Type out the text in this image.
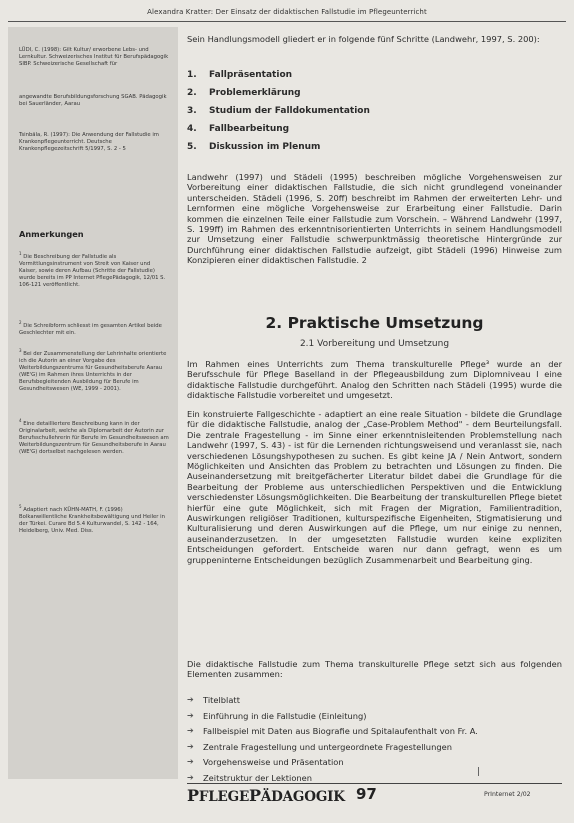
Alexandra Kratter: Der Einsatz der didaktischen Fallstudie im Pflegeunterricht
LÜDI, C. (1998): Gilt Kultur/ erworbene Lebs- und Lernkultur. Schweizerisches Institut für Berufspädagogik SIBP. Schweizerische Gesellschaft für
angewandte Berufsbildungsforschung SGAB. Pädagogik bei Sauerländer, Aarau
Tsinbäla, R. (1997): Die Anwendung der Fallstudie im Krankenpflegeunterricht. Deutsche Krankenpflegezeitschrift 5/1997, S. 2 - 5
Anmerkungen
$^1$ Die Beschreibung der Fallstudie als Vermittlungsinstrument von Streit von Kaiser und Kaiser, sowie deren Aufbau (Schritte der Fallstudie) wurde bereits im PP Internet PflegePädagogik, 12/01 S. 106-121 veröffentlicht.
$^2$ Die Schreibform schliesst im gesamten Artikel beide Geschlechter mit ein.
$^3$ Bei der Zusammenstellung der Lehrinhalte orientierte ich die Autorin an einer Vorgabe des Weiterbildungszentrums für Gesundheitsberufe Aarau (WE'G) im Rahmen ihres Unterrichts in der Berufsbegleitenden Ausbildung für Berufe im Gesundheitswesen (WE, 1999 - 2001).
$^4$ Eine detailliertere Beschreibung kann in der Originalarbeit, welche als Diplomarbeit der Autorin zur Berufsschullehrerin für Berufe im Gesundheitswesen am Weiterbildungszentrum für Gesundheitsberufe in Aarau (WE'G) dortselbst nachgelesen werden.
$^5$ Adaptiert nach KÜHN-MATH, F. (1996) Bolkanwillentliche Krankheitsbewältigung und Heiler in der Türkei. Curare Bd 5.4 Kulturwandel, S. 142 - 164, Heidelberg, Univ. Med. Diss.
Sein Handlungsmodell gliedert er in folgende fünf Schritte (Landwehr, 1997, S. 200):
1. Fallpräsentation
2. Problemerklärung
3. Studium der Falldokumentation
4. Fallbearbeitung
5. Diskussion im Plenum
Landwehr (1997) und Städeli (1995) beschreiben mögliche Vorgehensweisen zur Vorbereitung einer didaktischen Fallstudie, die sich nicht grundlegend voneinander unterscheiden. Städeli (1996, S. 20ff) beschreibt im Rahmen der erweiterten Lehr- und Lernformen eine mögliche Vorgehensweise zur Erarbeitung einer Fallstudie. Darin kommen die einzelnen Teile einer Fallstudie zum Vorschein. – Während Landwehr (1997, S. 199ff) im Rahmen des erkenntnisorientierten Unterrichts in seinem Handlungsmodell zur Umsetzung einer Fallstudie schwerpunktmässig theoretische Hintergründe zur Durchführung einer didaktischen Fallstudie aufzeigt, gibt Städeli (1996) Hinweise zum Konzipieren einer didaktischen Fallstudie. 2
2. Praktische Umsetzung
2.1 Vorbereitung und Umsetzung
Im Rahmen eines Unterrichts zum Thema transkulturelle Pflege³ wurde an der Berufsschule für Pflege Baselland in der Pflegeausbildung zum Diplomniveau I eine didaktische Fallstudie durchgeführt. Analog den Schritten nach Städeli (1995) wurde die didaktische Fallstudie vorbereitet und umgesetzt.
Ein konstruierte Fallgeschichte - adaptiert an eine reale Situation - bildete die Grundlage für die didaktische Fallstudie, analog der „Case-Problem Method" - dem Beurteilungsfall. Die zentrale Fragestellung - im Sinne einer erkenntnisleitenden Problemstellung nach Landwehr (1997, S. 43) - ist für die Lernenden richtungsweisend und veranlasst sie, nach verschiedenen Lösungshypothesen zu suchen. Es gibt keine JA / Nein Antwort, sondern Möglichkeiten und Ansichten das Problem zu betrachten und Lösungen zu finden. Die Auseinandersetzung mit breitgefächerter Literatur bildet dabei die Grundlage für die Bearbeitung der Probleme aus unterschiedlichen Perspektiven und die Entwicklung verschiedenster Lösungsmöglichkeiten. Die Bearbeitung der transkulturellen Pflege bietet hierfür eine gute Möglichkeit, sich mit Fragen der Migration, Familientradition, Auswirkungen religiöser Traditionen, kulturspezifische Eigenheiten, Stigmatisierung und Kulturalisierung und deren Auswirkungen auf die Pflege, um nur einige zu nennen, auseinanderzusetzen. In der umgesetzten Fallstudie wurden keine expliziten Entscheidungen gefordert. Entscheide waren nur dann gefragt, wenn es um gruppeninterne Entscheidungen bezüglich Zusammenarbeit und Bearbeitung ging.
Die didaktische Fallstudie zum Thema transkulturelle Pflege setzt sich aus folgenden Elementen zusammen:
➔ Titelblatt
➔ Einführung in die Fallstudie (Einleitung)
➔ Fallbeispiel mit Daten aus Biografie und Spitalaufenthalt von Fr. A.
➔ Zentrale Fragestellung und untergeordnete Fragestellungen
➔ Vorgehensweise und Präsentation
➔ Zeitstruktur der Lektionen
PFLEGEPÄDAGOGIK 97	PrInternet 2/02
